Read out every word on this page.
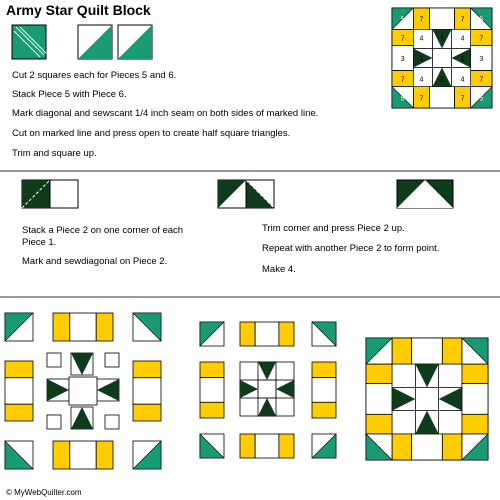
Army Star Quilt Block

Cut 2 squares each for Pieces 5 and 6.

Stack Piece 5 with Piece 6.

Mark diagonal and sewscant 1/4 inch seam on both sides of marked line.

Cut on marked line and press open to create half square triangles.

Trim and square up.

5 7	7 5
7 4 1 4 7
3 1	1 3
7 4 1 4 7
5 7	7 5

Stack a Piece 2 on one corner of each Piece 1.

Mark and sewdiagonal on Piece 2.

Trim corner and press Piece 2 up.

Repeat with another Piece 2 to form point.

Make 4.

© MyWebQuilter.com
